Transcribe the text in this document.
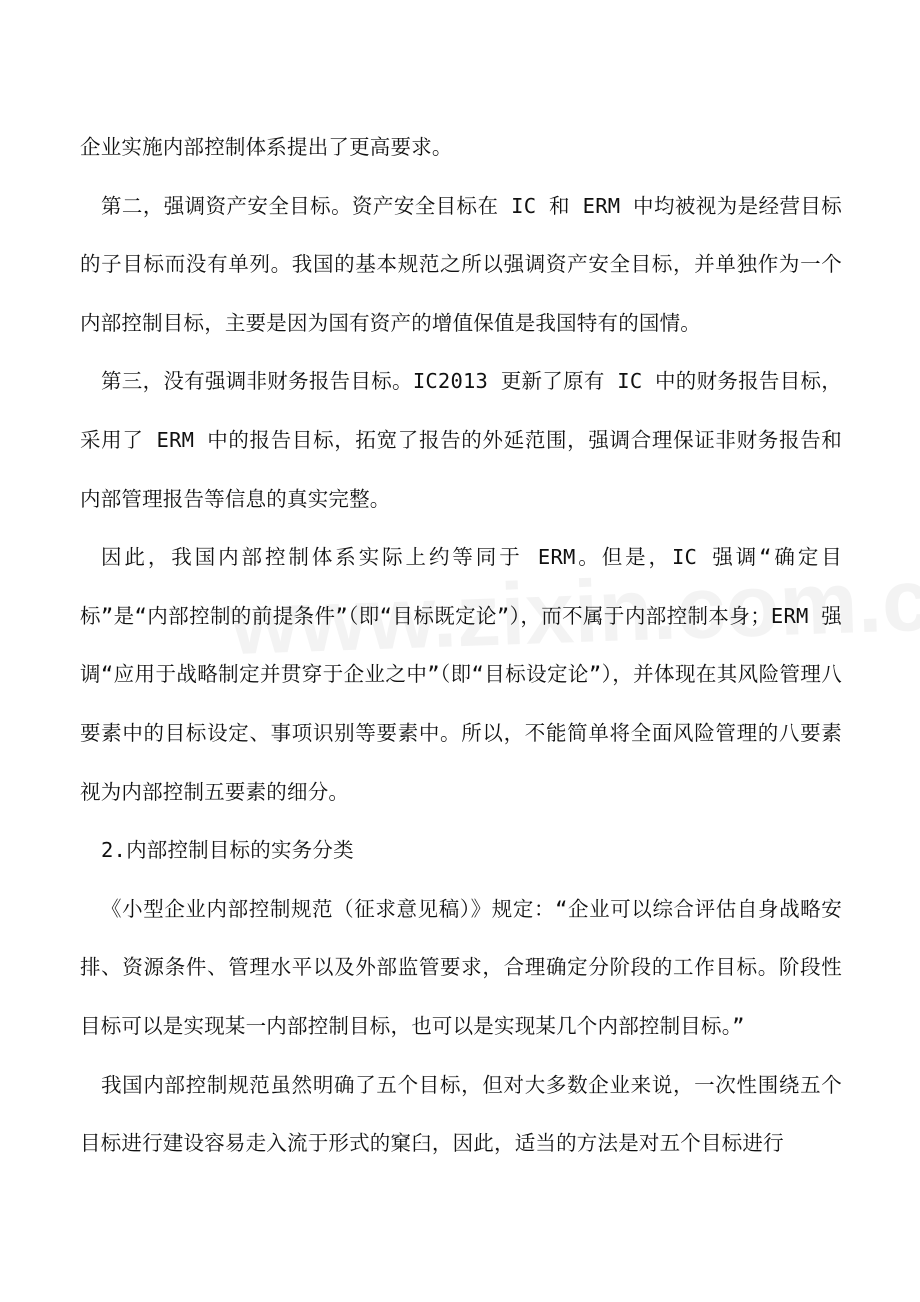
企业实施内部控制体系提出了更高要求。

第二，强调资产安全目标。资产安全目标在 IC 和 ERM 中均被视为是经营目标的子目标而没有单列。我国的基本规范之所以强调资产安全目标，并单独作为一个内部控制目标，主要是因为国有资产的增值保值是我国特有的国情。

第三，没有强调非财务报告目标。IC2013 更新了原有 IC 中的财务报告目标，采用了 ERM 中的报告目标，拓宽了报告的外延范围，强调合理保证非财务报告和内部管理报告等信息的真实完整。

因此，我国内部控制体系实际上约等同于 ERM。但是，IC 强调“确定目标”是“内部控制的前提条件”（即“目标既定论”），而不属于内部控制本身；ERM 强调“应用于战略制定并贯穿于企业之中”（即“目标设定论”），并体现在其风险管理八要素中的目标设定、事项识别等要素中。所以，不能简单将全面风险管理的八要素视为内部控制五要素的细分。

2.内部控制目标的实务分类

《小型企业内部控制规范（征求意见稿）》规定：“企业可以综合评估自身战略安排、资源条件、管理水平以及外部监管要求，合理确定分阶段的工作目标。阶段性目标可以是实现某一内部控制目标，也可以是实现某几个内部控制目标。”

我国内部控制规范虽然明确了五个目标，但对大多数企业来说，一次性围绕五个目标进行建设容易走入流于形式的窠臼，因此，适当的方法是对五个目标进行
